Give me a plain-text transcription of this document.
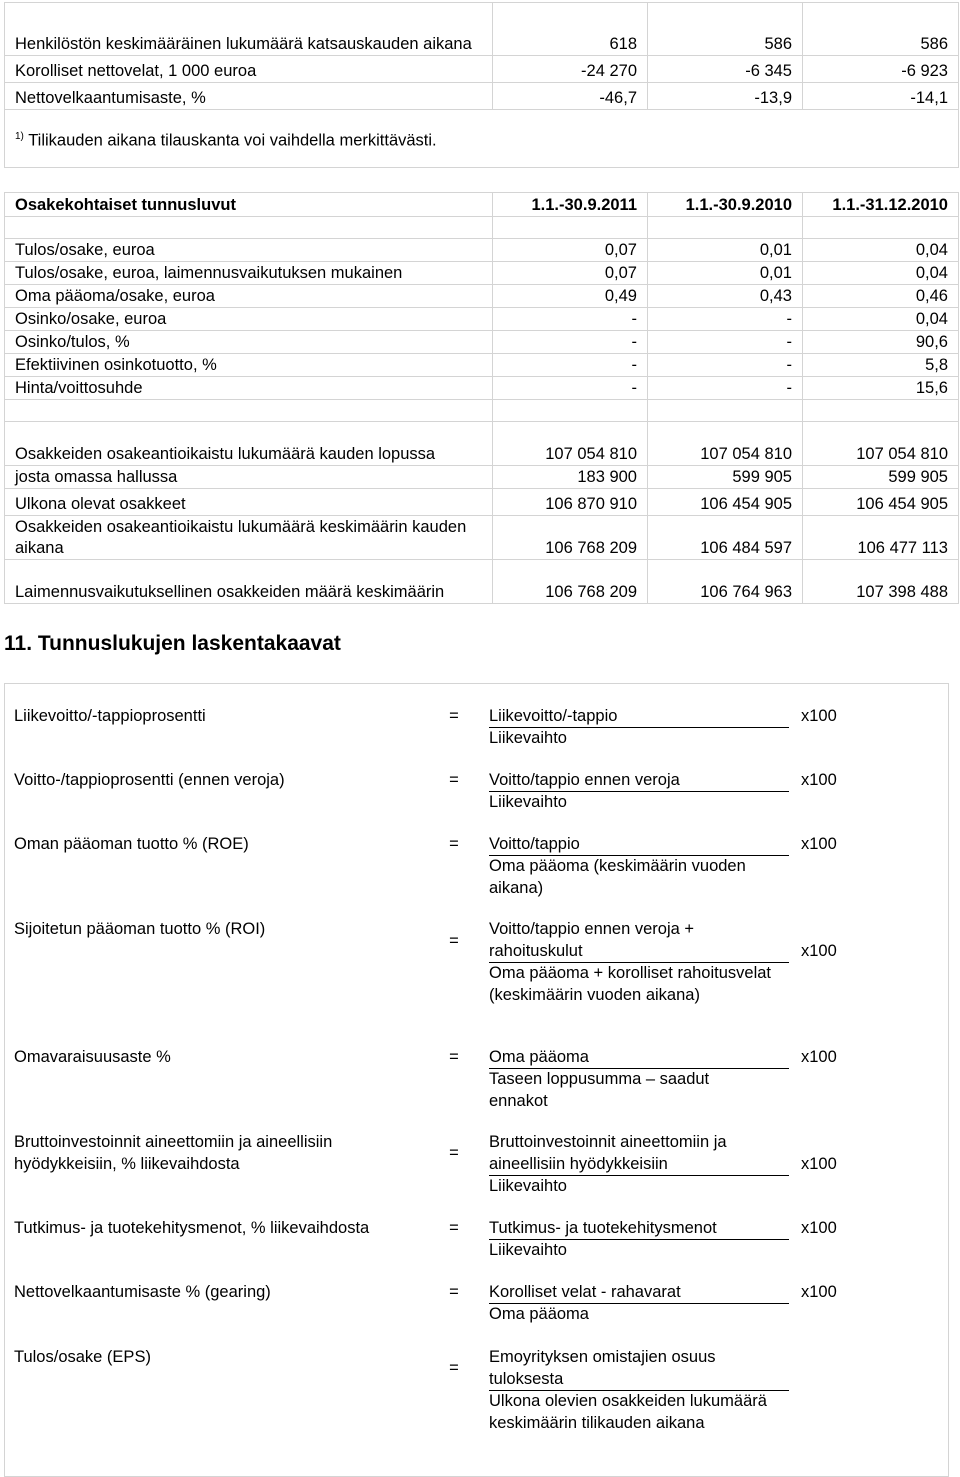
Henkilöstön keskimääräinen lukumäärä katsauskauden aikana	618	586	586
Korolliset nettovelat, 1 000 euroa	-24 270	-6 345	-6 923
Nettovelkaantumisaste, %	-46,7	-13,9	-14,1
$^{1)}$ Tilikauden aikana tilauskanta voi vaihdella merkittävästi.			
Osakekohtaiset tunnusluvut	1.1.-30.9.2011	1.1.-30.9.2010	1.1.-31.12.2010

Tulos/osake, euroa	0,07	0,01	0,04
Tulos/osake, euroa, laimennusvaikutuksen mukainen	0,07	0,01	0,04
Oma pääoma/osake, euroa	0,49	0,43	0,46
Osinko/osake, euroa	-	-	0,04
Osinko/tulos, %	-	-	90,6
Efektiivinen osinkotuotto, %	-	-	5,8
Hinta/voittosuhde	-	-	15,6

Osakkeiden osakeantioikaistu lukumäärä kauden lopussa	107 054 810	107 054 810	107 054 810
josta omassa hallussa	183 900	599 905	599 905
Ulkona olevat osakkeet	106 870 910	106 454 905	106 454 905
Osakkeiden osakeantioikaistu lukumäärä keskimäärin kauden aikana	106 768 209	106 484 597	106 477 113
Laimennusvaikutuksellinen osakkeiden määrä keskimäärin	106 768 209	106 764 963	107 398 488
11. Tunnuslukujen laskentakaavat
Liikevoitto/-tappioprosentti	= Liikevoitto/-tappio
Liikevaihto
x100
Voitto-/tappioprosentti (ennen veroja)	= Voitto/tappio ennen veroja
Liikevaihto
x100
Oman pääoman tuotto % (ROE)	= Voitto/tappio
Oma pääoma (keskimäärin vuoden aikana)
x100
Sijoitetun pääoman tuotto % (ROI)
=
Voitto/tappio ennen veroja + rahoituskulut
Oma pääoma + korolliset rahoitusvelat (keskimäärin vuoden aikana)
x100
Omavaraisuusaste %	= Oma pääoma
Taseen loppusumma – saadut ennakot
x100
Bruttoinvestoinnit aineettomiin ja aineellisiin hyödykkeisiin, % liikevaihdosta
=
Bruttoinvestoinnit aineettomiin ja aineellisiin hyödykkeisiin
Liikevaihto
x100
Tutkimus- ja tuotekehitysmenot, % liikevaihdosta	= Tutkimus- ja tuotekehitysmenot
Liikevaihto
x100
Nettovelkaantumisaste % (gearing)	= Korolliset velat - rahavarat
Oma pääoma
x100
Tulos/osake (EPS)
=
Emoyrityksen omistajien osuus tuloksesta
Ulkona olevien osakkeiden lukumäärä keskimäärin tilikauden aikana
